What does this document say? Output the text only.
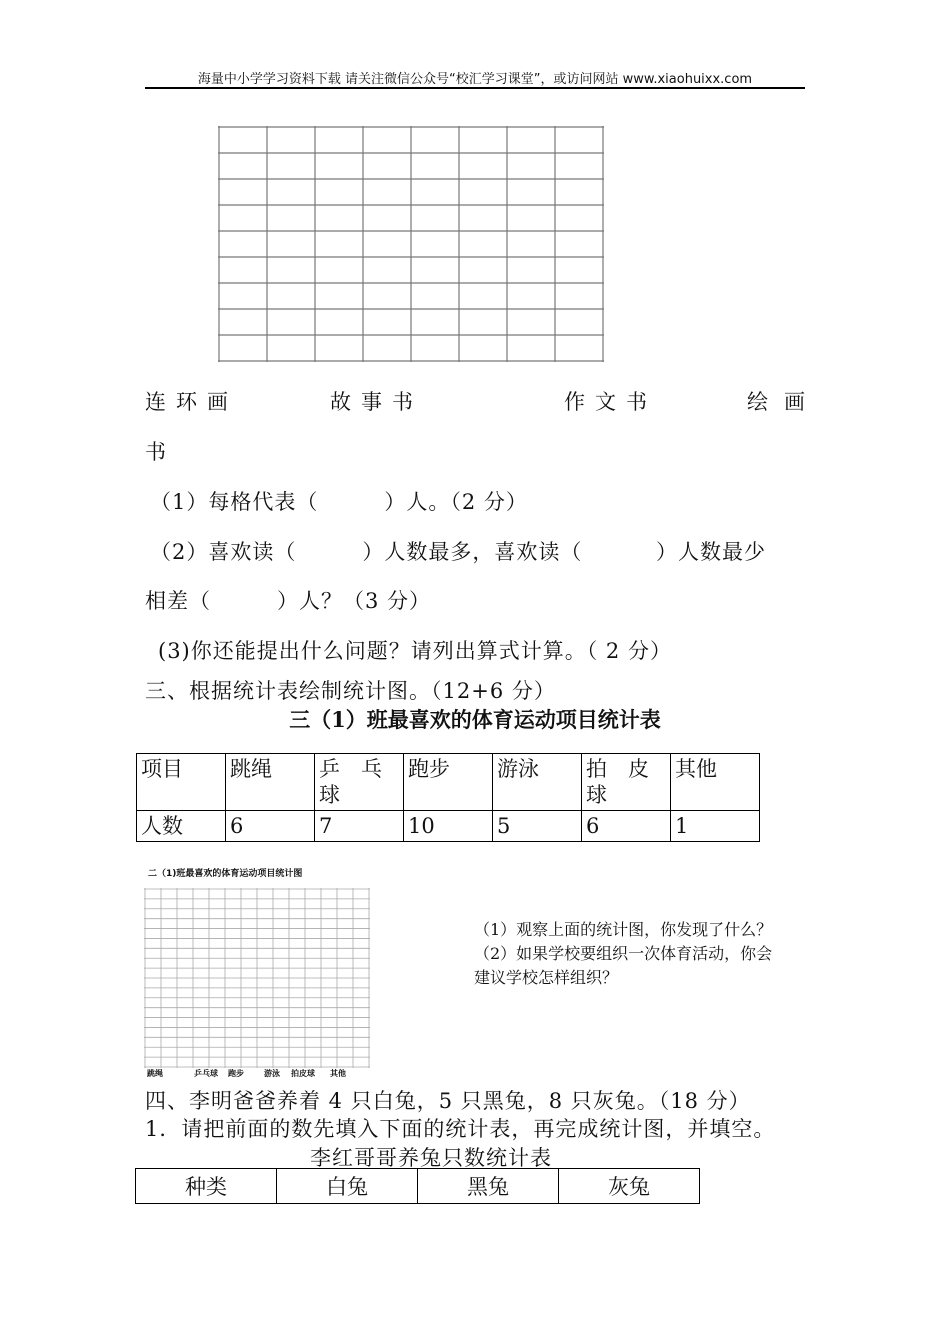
海量中小学学习资料下载 请关注微信公众号“校汇学习课堂”，或访问网站 www.xiaohuixx.com
连环画	故事书	作文书	绘画
书
（1）每格代表（　　　）人。（2 分）
（2）喜欢读（　　　）人数最多，喜欢读（　　　 ）人数最少
相差（　　　）人？（3 分）
(3)你还能提出什么问题？请列出算式计算。（ 2 分）
三、根据统计表绘制统计图。（12+6 分）
三（1）班最喜欢的体育运动项目统计表
项目	跳绳	乒　乓球	跑步	游泳	拍　皮球	其他
人数	6	7	10	5	6	1
二（1)班最喜欢的体育运动项目统计图
跳绳	乒乓球 跑步	游泳 拍皮球 其他
（1）观察上面的统计图，你发现了什么？
（2）如果学校要组织一次体育活动，你会
建议学校怎样组织？
四、李明爸爸养着 4 只白兔，5 只黑兔，8 只灰兔。（18 分）
1．请把前面的数先填入下面的统计表，再完成统计图，并填空。
李红哥哥养兔只数统计表
种类	白兔	黑兔	灰兔
